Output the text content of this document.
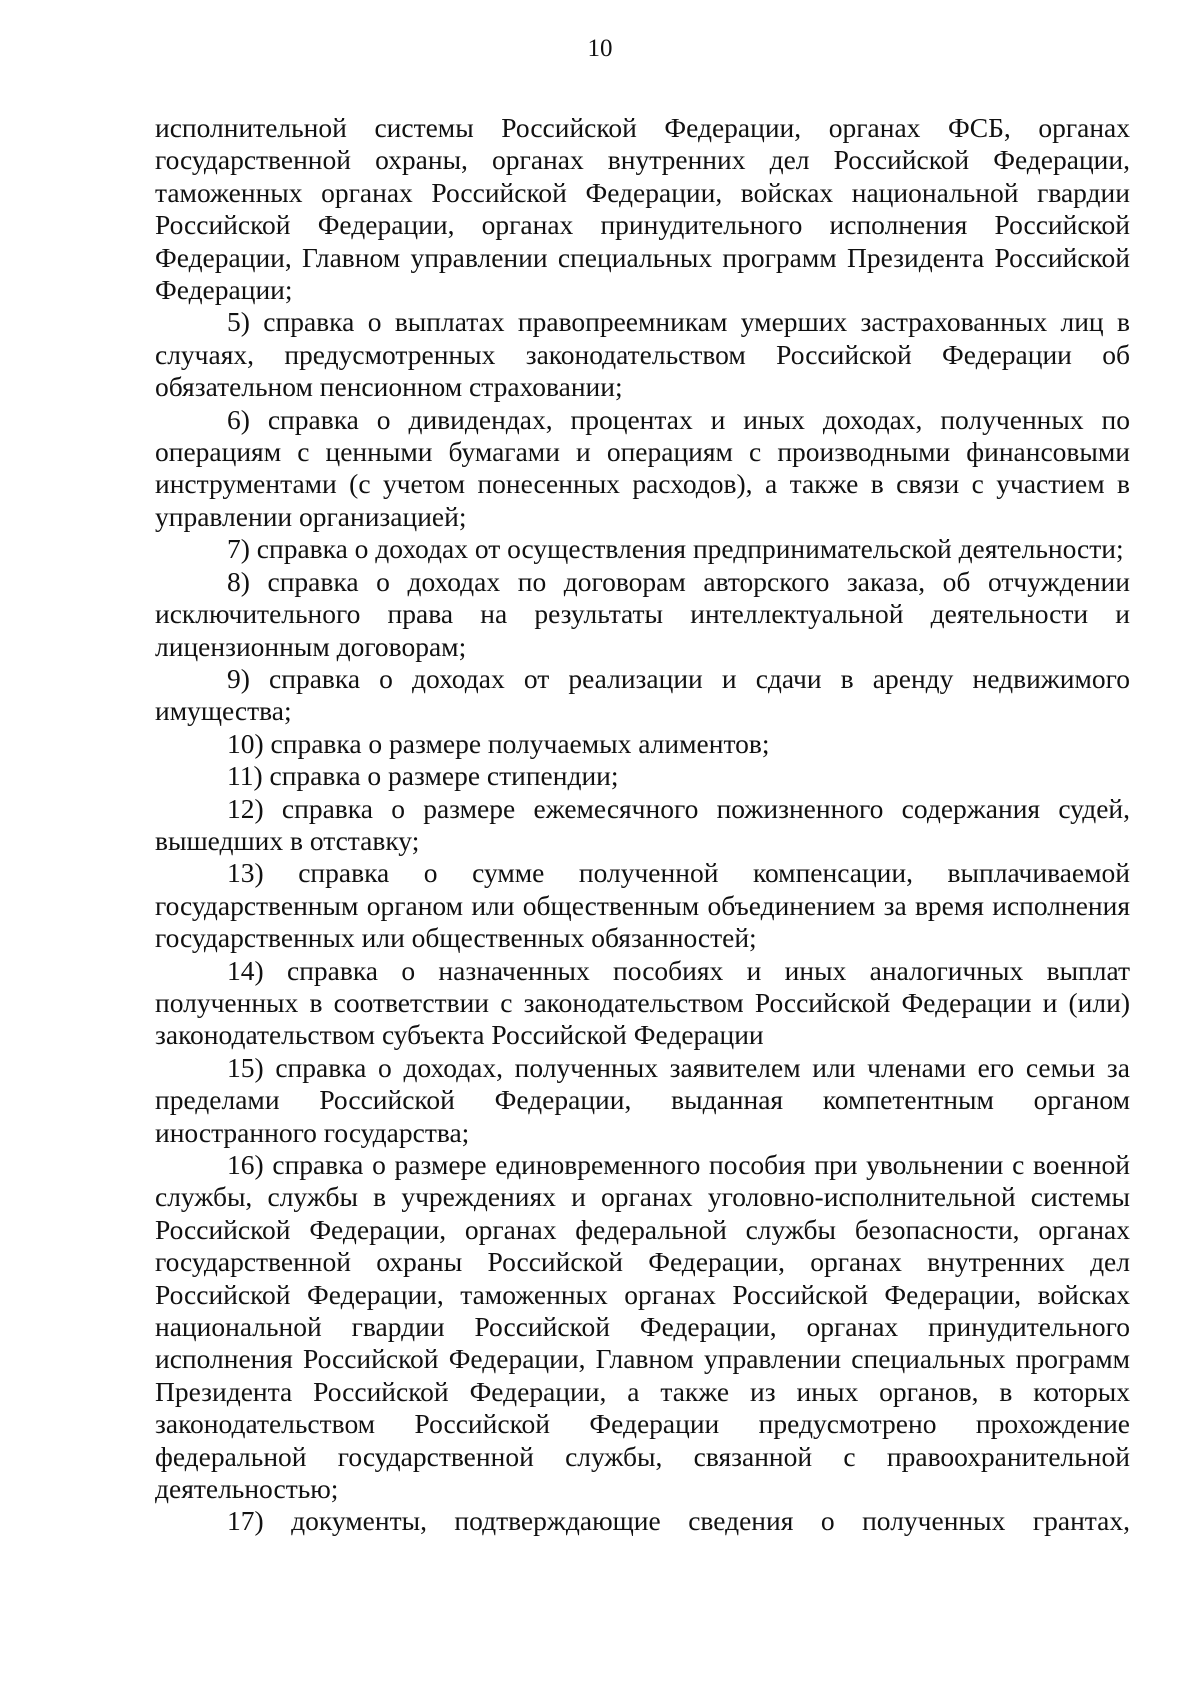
10

исполнительной системы Российской Федерации, органах ФСБ, органах государственной охраны, органах внутренних дел Российской Федерации, таможенных органах Российской Федерации, войсках национальной гвардии Российской Федерации, органах принудительного исполнения Российской Федерации, Главном управлении специальных программ Президента Российской Федерации;

5) справка о выплатах правопреемникам умерших застрахованных лиц в случаях, предусмотренных законодательством Российской Федерации об обязательном пенсионном страховании;

6) справка о дивидендах, процентах и иных доходах, полученных по операциям с ценными бумагами и операциям с производными финансовыми инструментами (с учетом понесенных расходов), а также в связи с участием в управлении организацией;

7) справка о доходах от осуществления предпринимательской деятельности;

8) справка о доходах по договорам авторского заказа, об отчуждении исключительного права на результаты интеллектуальной деятельности и лицензионным договорам;

9) справка о доходах от реализации и сдачи в аренду недвижимого имущества;

10) справка о размере получаемых алиментов;

11) справка о размере стипендии;

12) справка о размере ежемесячного пожизненного содержания судей, вышедших в отставку;

13) справка о сумме полученной компенсации, выплачиваемой государственным органом или общественным объединением за время исполнения государственных или общественных обязанностей;

14) справка о назначенных пособиях и иных аналогичных выплат полученных в соответствии с законодательством Российской Федерации и (или) законодательством субъекта Российской Федерации

15) справка о доходах, полученных заявителем или членами его семьи за пределами Российской Федерации, выданная компетентным органом иностранного государства;

16) справка о размере единовременного пособия при увольнении с военной службы, службы в учреждениях и органах уголовно-исполнительной системы Российской Федерации, органах федеральной службы безопасности, органах государственной охраны Российской Федерации, органах внутренних дел Российской Федерации, таможенных органах Российской Федерации, войсках национальной гвардии Российской Федерации, органах принудительного исполнения Российской Федерации, Главном управлении специальных программ Президента Российской Федерации, а также из иных органов, в которых законодательством Российской Федерации предусмотрено прохождение федеральной государственной службы, связанной с правоохранительной деятельностью;

17) документы, подтверждающие сведения о полученных грантах,
